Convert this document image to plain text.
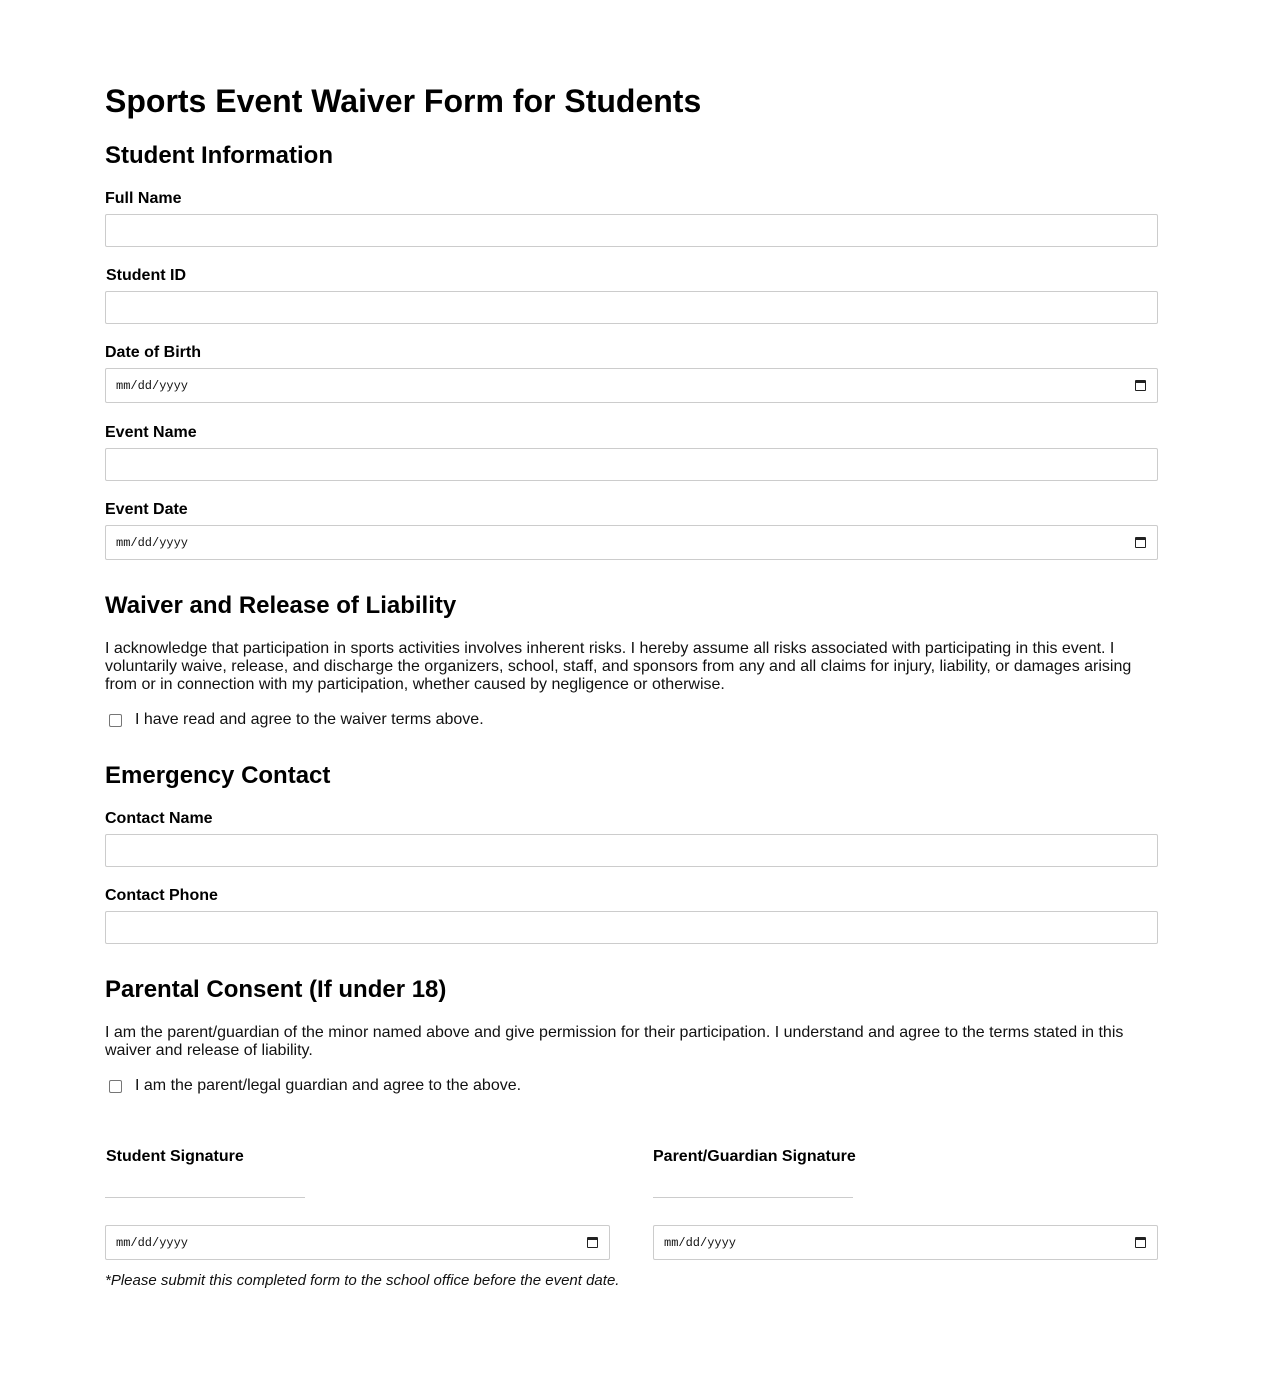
Sports Event Waiver Form for Students
Student Information
Full Name
Student ID
Date of Birth
mm/dd/yyyy
Event Name
Event Date
mm/dd/yyyy
Waiver and Release of Liability

I acknowledge that participation in sports activities involves inherent risks. I hereby assume all risks associated with participating in this event. I voluntarily waive, release, and discharge the organizers, school, staff, and sponsors from any and all claims for injury, liability, or damages arising from or in connection with my participation, whether caused by negligence or otherwise.

I have read and agree to the waiver terms above.
Emergency Contact
Contact Name
Contact Phone
Parental Consent (If under 18)

I am the parent/guardian of the minor named above and give permission for their participation. I understand and agree to the terms stated in this waiver and release of liability.

I am the parent/legal guardian and agree to the above.
Student Signature
mm/dd/yyyy
Parent/Guardian Signature
mm/dd/yyyy
*Please submit this completed form to the school office before the event date.
